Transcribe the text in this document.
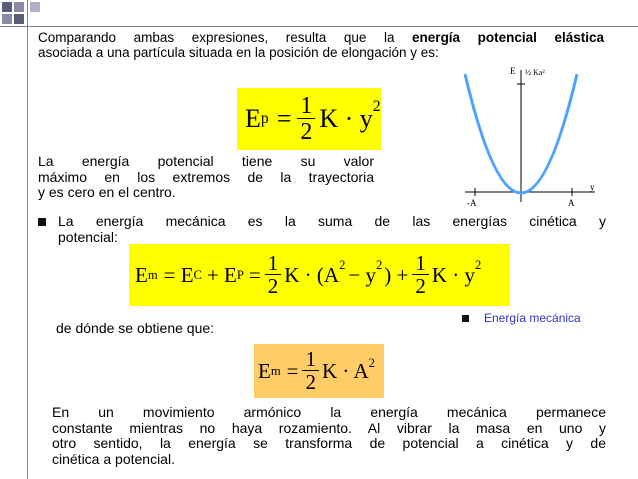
Comparando ambas expresiones, resulta que la energía potencial elástica
asociada a una partícula situada en la posición de elongación y es:
E $p = \frac{1}{2}$ $K \cdot y^2$
E ½ Ka²
y
-A	A
La energía potencial tiene su valor
máximo en los extremos de la trayectoria
y es cero en el centro.
La energía mecánica es la suma de las energías cinética y
potencial:
E m = E C + E $P = \frac{1}{2}$ $K \cdot (A^2 - y^2$ ) + $\frac{1}{2}$ $K \cdot y^2$
de dónde se obtiene que:
Energía mecánica
E $m = \frac{1}{2}$ $K \cdot A^2$
En un movimiento armónico la energía mecánica permanece
constante mientras no haya rozamiento. Al vibrar la masa en uno y
otro sentido, la energía se transforma de potencial a cinética y de
cinética a potencial.
